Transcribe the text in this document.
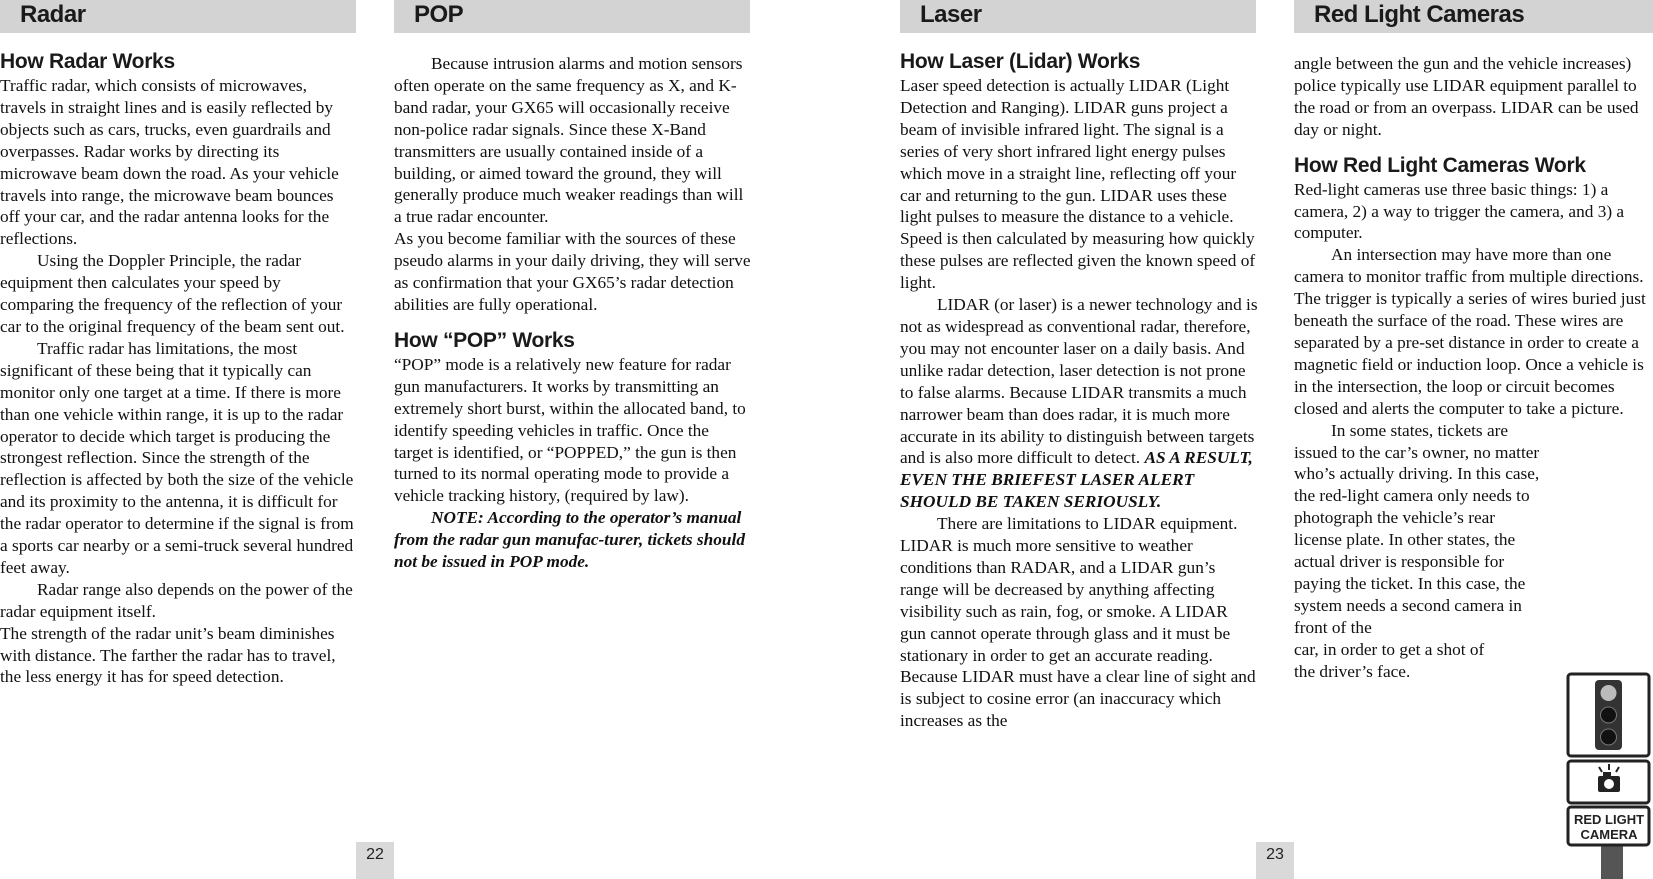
Radar	POP	Laser	Red Light Cameras
How Radar Works

Traffic radar, which consists of microwaves, travels in straight lines and is easily reflected by objects such as cars, trucks, even guardrails and overpasses. Radar works by directing its microwave beam down the road. As your vehicle travels into range, the microwave beam bounces off your car, and the radar antenna looks for the reflections.

Using the Doppler Principle, the radar equipment then calculates your speed by comparing the frequency of the reflection of your car to the original frequency of the beam sent out.

Traffic radar has limitations, the most significant of these being that it typically can monitor only one target at a time. If there is more than one vehicle within range, it is up to the radar operator to decide which target is producing the strongest reflection. Since the strength of the reflection is affected by both the size of the vehicle and its proximity to the antenna, it is difficult for the radar operator to determine if the signal is from a sports car nearby or a semi-truck several hundred feet away.

Radar range also depends on the power of the radar equipment itself.

The strength of the radar unit’s beam diminishes with distance. The farther the radar has to travel, the less energy it has for speed detection.

Because intrusion alarms and motion sensors often operate on the same frequency as X, and K-band radar, your GX65 will occasionally receive non-police radar signals. Since these X-Band transmitters are usually contained inside of a building, or aimed toward the ground, they will generally produce much weaker readings than will a true radar encounter.

As you become familiar with the sources of these pseudo alarms in your daily driving, they will serve as confirmation that your GX65’s radar detection abilities are fully operational.

How “POP” Works

“POP” mode is a relatively new feature for radar gun manufacturers. It works by transmitting an extremely short burst, within the allocated band, to identify speeding vehicles in traffic. Once the target is identified, or “POPPED,” the gun is then turned to its normal operating mode to provide a vehicle tracking history, (required by law).

NOTE: According to the operator’s manual from the radar gun manufac-turer, tickets should not be issued in POP mode.

How Laser (Lidar) Works

Laser speed detection is actually LIDAR (Light Detection and Ranging). LIDAR guns project a beam of invisible infrared light. The signal is a series of very short infrared light energy pulses which move in a straight line, reflecting off your car and returning to the gun. LIDAR uses these light pulses to measure the distance to a vehicle. Speed is then calculated by measuring how quickly these pulses are reflected given the known speed of light.

LIDAR (or laser) is a newer technology and is not as widespread as conventional radar, therefore, you may not encounter laser on a daily basis. And unlike radar detection, laser detection is not prone to false alarms. Because LIDAR transmits a much narrower beam than does radar, it is much more accurate in its ability to distinguish between targets and is also more difficult to detect. AS A RESULT, EVEN THE BRIEFEST LASER ALERT SHOULD BE TAKEN SERIOUSLY.

There are limitations to LIDAR equipment. LIDAR is much more sensitive to weather conditions than RADAR, and a LIDAR gun’s range will be decreased by anything affecting visibility such as rain, fog, or smoke. A LIDAR gun cannot operate through glass and it must be stationary in order to get an accurate reading. Because LIDAR must have a clear line of sight and is subject to cosine error (an inaccuracy which increases as the

angle between the gun and the vehicle increases) police typically use LIDAR equipment parallel to the road or from an overpass. LIDAR can be used day or night.

How Red Light Cameras Work

Red-light cameras use three basic things: 1) a camera, 2) a way to trigger the camera, and 3) a computer.

An intersection may have more than one camera to monitor traffic from multiple directions. The trigger is typically a series of wires buried just beneath the surface of the road. These wires are separated by a pre-set distance in order to create a magnetic field or induction loop. Once a vehicle is in the intersection, the loop or circuit becomes closed and alerts the computer to take a picture.

In some states, tickets are issued to the car’s owner, no matter who’s actually driving. In this case, the red-light camera only needs to photograph the vehicle’s rear license plate. In other states, the actual driver is responsible for paying the ticket. In this case, the system needs a second camera in front of the

car, in order to get a shot of

the driver’s face.

22	23
RED LIGHT
CAMERA
